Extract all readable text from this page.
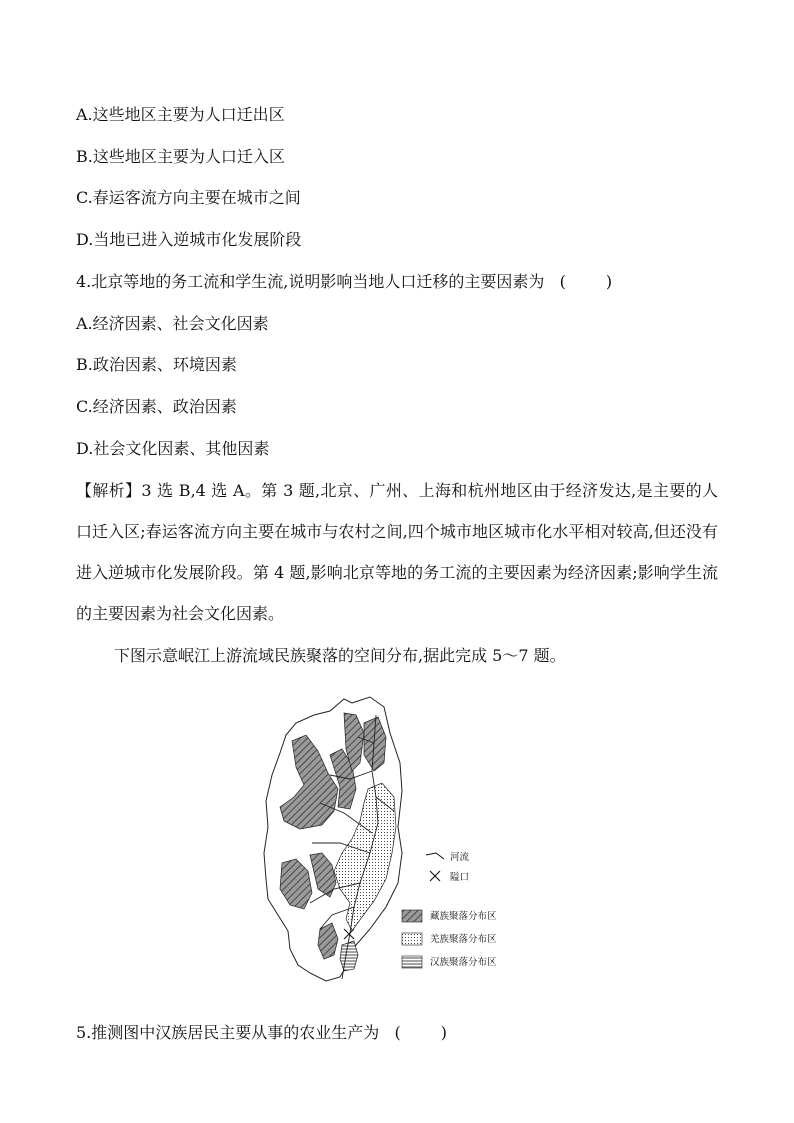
A.这些地区主要为人口迁出区
B.这些地区主要为人口迁入区
C.春运客流方向主要在城市之间
D.当地已进入逆城市化发展阶段
4.北京等地的务工流和学生流,说明影响当地人口迁移的主要因素为 (	)
A.经济因素、社会文化因素
B.政治因素、环境因素
C.经济因素、政治因素
D.社会文化因素、其他因素
【解析】3 选 B,4 选 A。第 3 题,北京、广州、上海和杭州地区由于经济发达,是主要的人口迁入区;春运客流方向主要在城市与农村之间,四个城市地区城市化水平相对较高,但还没有进入逆城市化发展阶段。第 4 题,影响北京等地的务工流的主要因素为经济因素;影响学生流的主要因素为社会文化因素。
下图示意岷江上游流域民族聚落的空间分布,据此完成 5～7 题。
河流
隘口
藏族聚落分布区
羌族聚落分布区
汉族聚落分布区
5.推测图中汉族居民主要从事的农业生产为 (	)
